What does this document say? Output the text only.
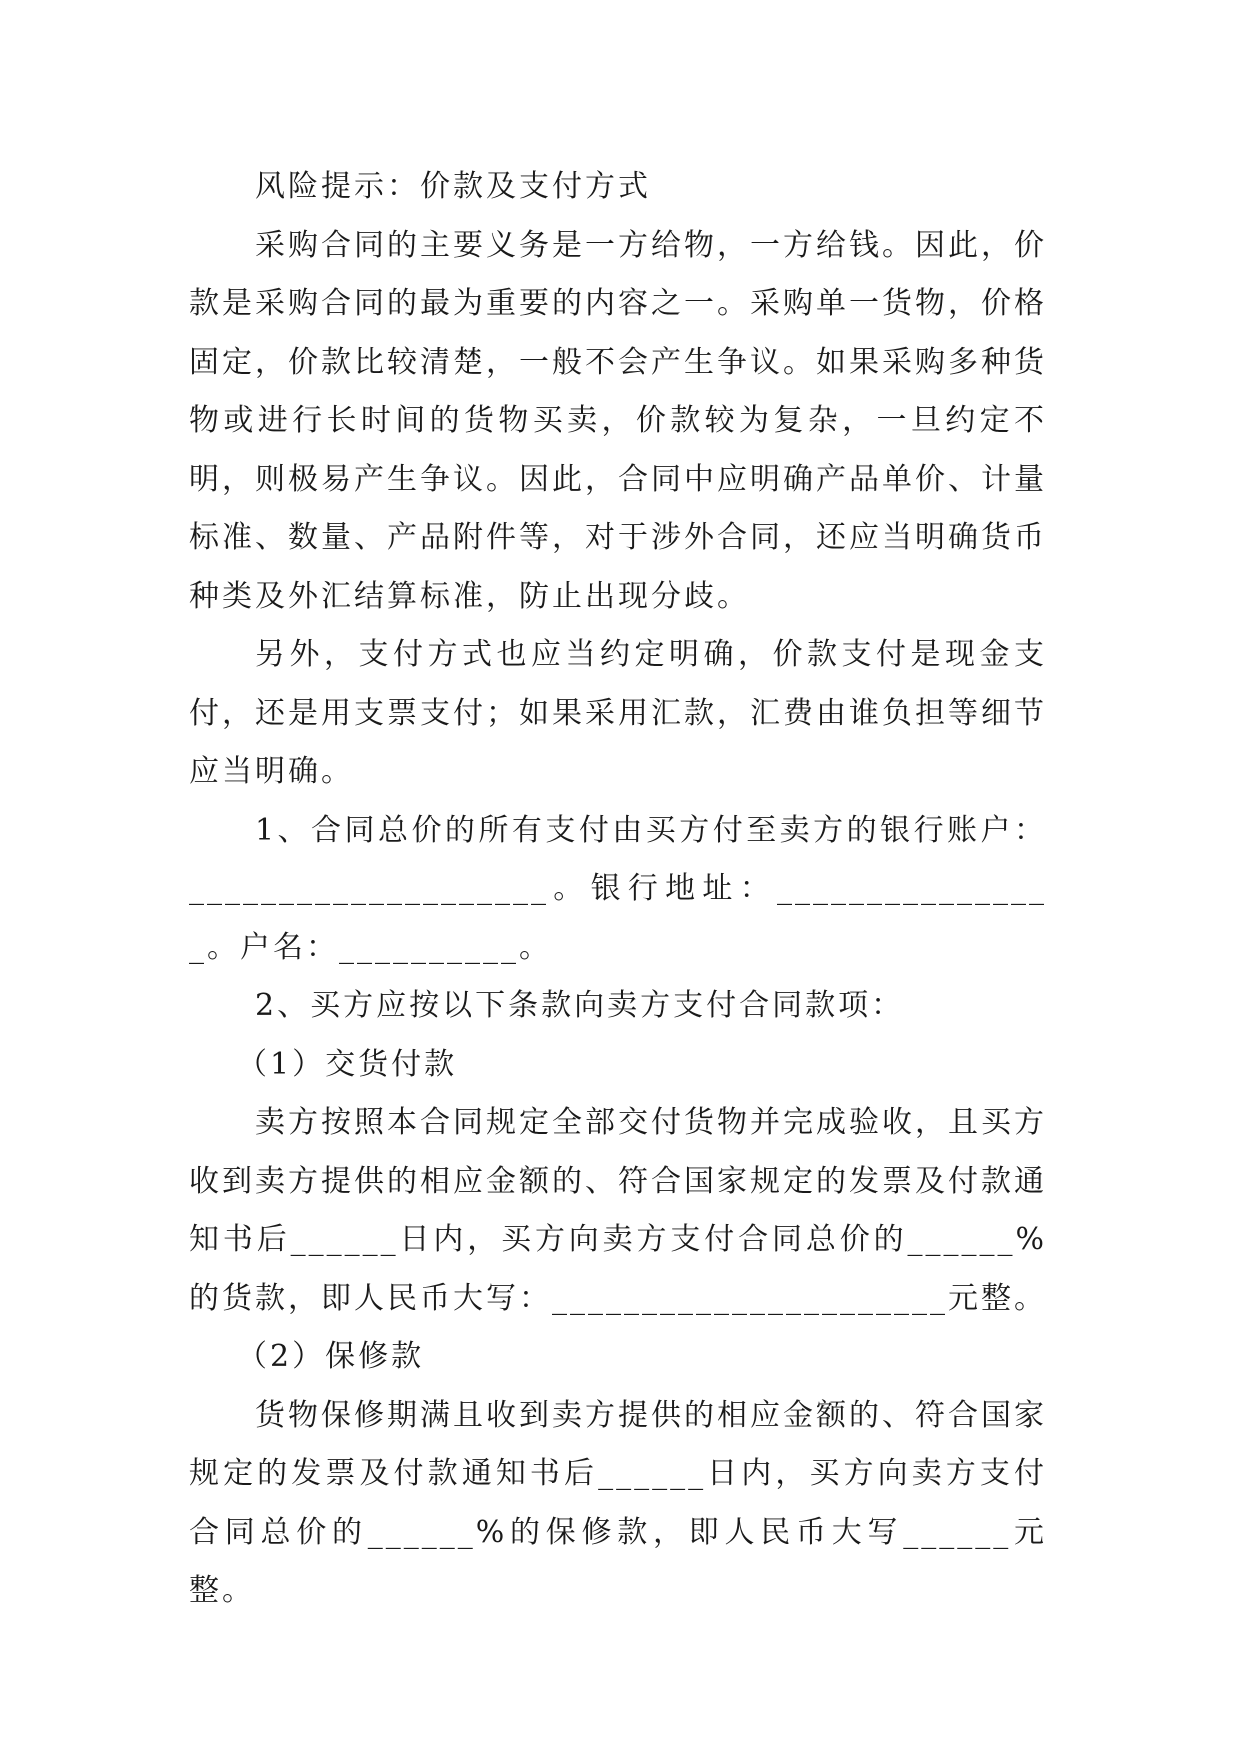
风险提示：价款及支付方式

采购合同的主要义务是一方给物，一方给钱。因此，价款是采购合同的最为重要的内容之一。采购单一货物，价格固定，价款比较清楚，一般不会产生争议。如果采购多种货物或进行长时间的货物买卖，价款较为复杂，一旦约定不明，则极易产生争议。因此，合同中应明确产品单价、计量标准、数量、产品附件等，对于涉外合同，还应当明确货币种类及外汇结算标准，防止出现分歧。

另外，支付方式也应当约定明确，价款支付是现金支付，还是用支票支付；如果采用汇款，汇费由谁负担等细节应当明确。

1、合同总价的所有支付由买方付至卖方的银行账户：____________________。银行地址：________________。户名：__________。

2、买方应按以下条款向卖方支付合同款项：

（1）交货付款

卖方按照本合同规定全部交付货物并完成验收，且买方收到卖方提供的相应金额的、符合国家规定的发票及付款通知书后______日内，买方向卖方支付合同总价的______%的货款，即人民币大写：______________________元整。

（2）保修款

货物保修期满且收到卖方提供的相应金额的、符合国家规定的发票及付款通知书后______日内，买方向卖方支付合同总价的______%的保修款，即人民币大写______元整。
